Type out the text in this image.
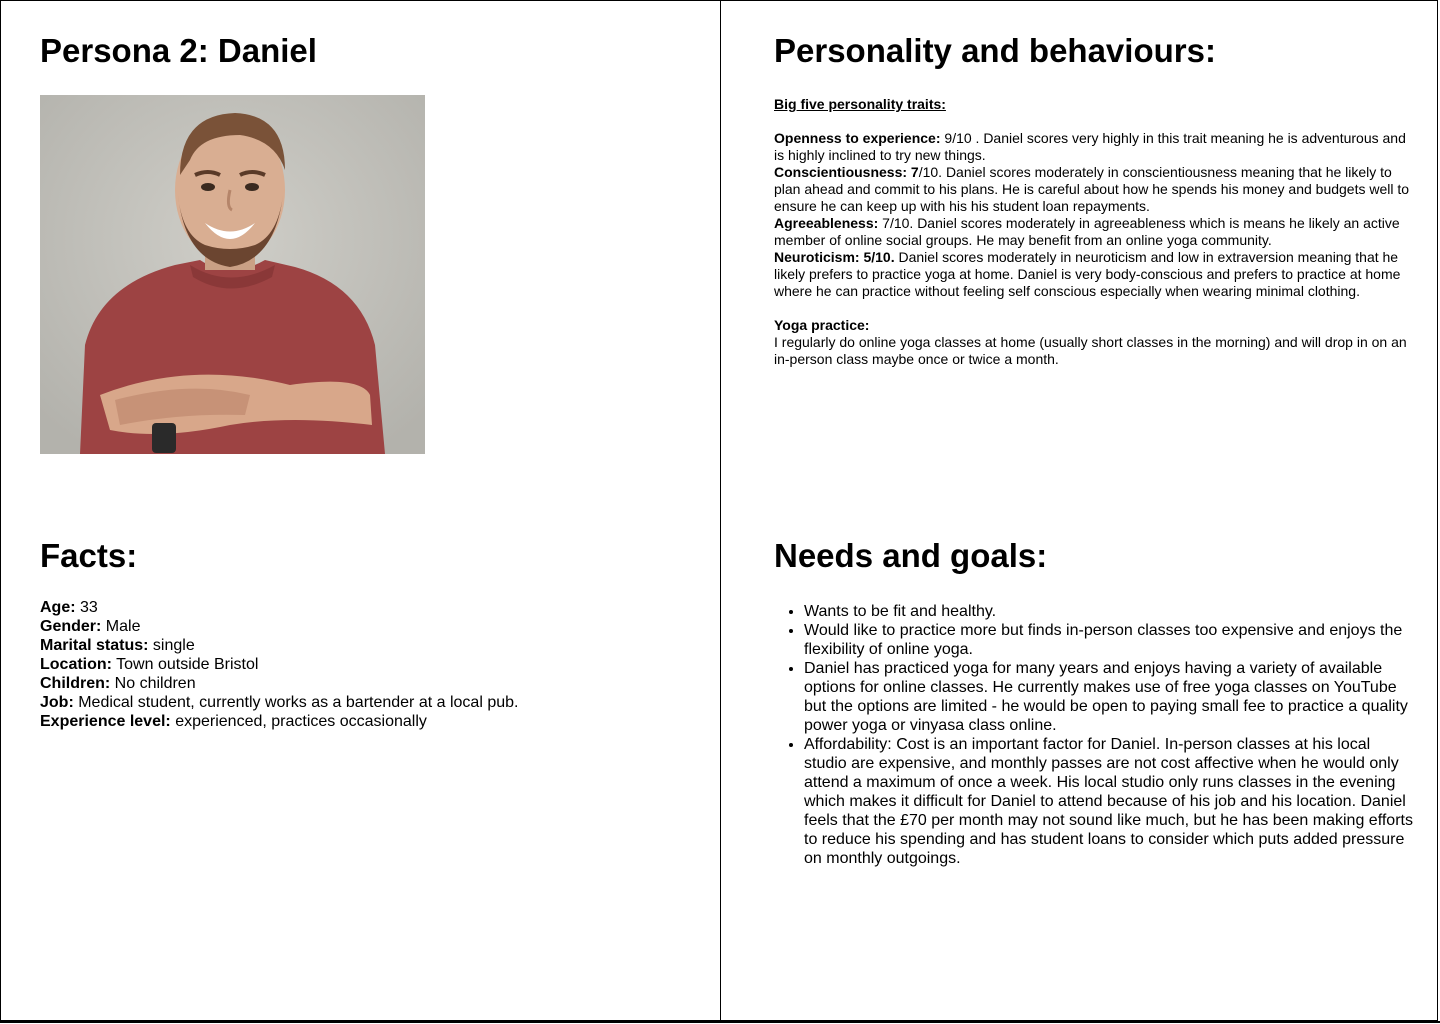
Persona 2: Daniel	Personality and behaviours:

Big five personality traits:

Openness to experience: 9/10 . Daniel scores very highly in this trait meaning he is adventurous and is highly inclined to try new things.

Conscientiousness: 7/10. Daniel scores moderately in conscientiousness meaning that he likely to plan ahead and commit to his plans. He is careful about how he spends his money and budgets well to ensure he can keep up with his his student loan repayments.

Agreeableness: 7/10. Daniel scores moderately in agreeableness which is means he likely an active member of online social groups. He may benefit from an online yoga community.

Neuroticism: 5/10. Daniel scores moderately in neuroticism and low in extraversion meaning that he likely prefers to practice yoga at home. Daniel is very body-conscious and prefers to practice at home where he can practice without feeling self conscious especially when wearing minimal clothing.

Yoga practice:

I regularly do online yoga classes at home (usually short classes in the morning) and will drop in on an in-person class maybe once or twice a month.

Facts:
Age: 33
Gender: Male
Marital status: single
Location: Town outside Bristol
Children: No children
Job: Medical student, currently works as a bartender at a local pub.
Experience level: experienced, practices occasionally
Needs and goals:
• Wants to be fit and healthy.
• Would like to practice more but finds in-person classes too expensive and enjoys the flexibility of online yoga.
• Daniel has practiced yoga for many years and enjoys having a variety of available options for online classes. He currently makes use of free yoga classes on YouTube but the options are limited - he would be open to paying small fee to practice a quality power yoga or vinyasa class online.
• Affordability: Cost is an important factor for Daniel. In-person classes at his local studio are expensive, and monthly passes are not cost affective when he would only attend a maximum of once a week. His local studio only runs classes in the evening which makes it difficult for Daniel to attend because of his job and his location. Daniel feels that the £70 per month may not sound like much, but he has been making efforts to reduce his spending and has student loans to consider which puts added pressure on monthly outgoings.
